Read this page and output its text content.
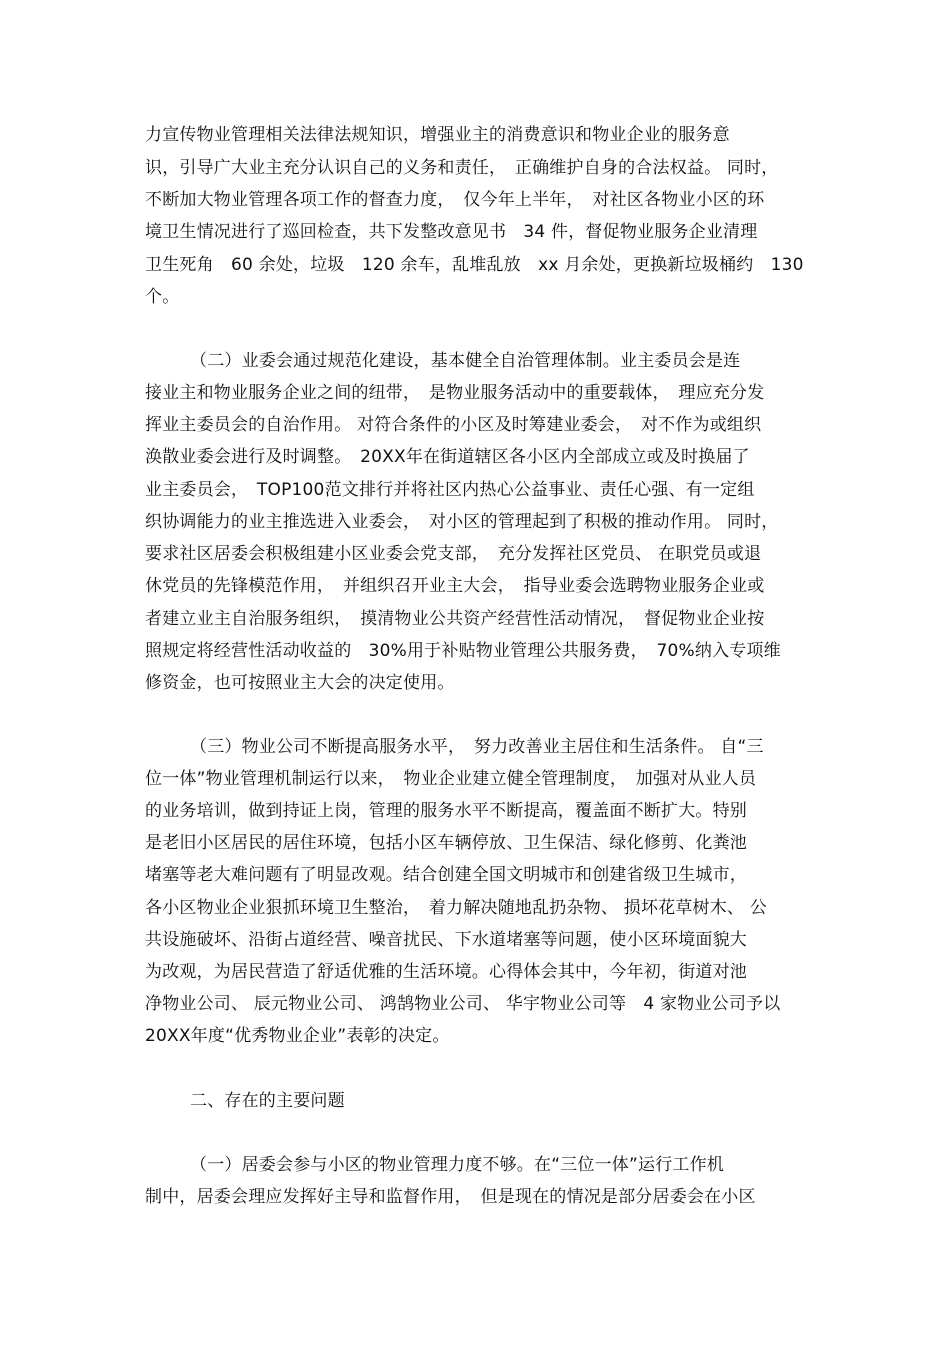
力宣传物业管理相关法律法规知识，增强业主的消费意识和物业企业的服务意
识，引导广大业主充分认识自己的义务和责任，　正确维护自身的合法权益。 同时，
不断加大物业管理各项工作的督查力度，　仅今年上半年，　对社区各物业小区的环
境卫生情况进行了巡回检查，共下发整改意见书　34 件，督促物业服务企业清理
卫生死角　60 余处，垃圾　120 余车，乱堆乱放　xx 月余处，更换新垃圾桶约　130
个。
（二）业委会通过规范化建设，基本健全自治管理体制。业主委员会是连
接业主和物业服务企业之间的纽带，　是物业服务活动中的重要载体，　理应充分发
挥业主委员会的自治作用。 对符合条件的小区及时筹建业委会，　对不作为或组织
涣散业委会进行及时调整。　20XX年在街道辖区各小区内全部成立或及时换届了
业主委员会，　TOP100范文排行并将社区内热心公益事业、责任心强、有一定组
织协调能力的业主推选进入业委会，　对小区的管理起到了积极的推动作用。 同时，
要求社区居委会积极组建小区业委会党支部，　充分发挥社区党员、 在职党员或退
休党员的先锋模范作用，　并组织召开业主大会，　指导业委会选聘物业服务企业或
者建立业主自治服务组织，　摸清物业公共资产经营性活动情况，　督促物业企业按
照规定将经营性活动收益的　30%用于补贴物业管理公共服务费，　70%纳入专项维
修资金，也可按照业主大会的决定使用。
（三）物业公司不断提高服务水平，　努力改善业主居住和生活条件。 自“三
位一体”物业管理机制运行以来，　物业企业建立健全管理制度，　加强对从业人员
的业务培训，做到持证上岗，管理的服务水平不断提高，覆盖面不断扩大。特别
是老旧小区居民的居住环境，包括小区车辆停放、卫生保洁、绿化修剪、化粪池
堵塞等老大难问题有了明显改观。结合创建全国文明城市和创建省级卫生城市，
各小区物业企业狠抓环境卫生整治，　着力解决随地乱扔杂物、 损坏花草树木、 公
共设施破坏、沿街占道经营、噪音扰民、下水道堵塞等问题，使小区环境面貌大
为改观，为居民营造了舒适优雅的生活环境。心得体会其中，今年初，街道对池
净物业公司、 辰元物业公司、 鸿鹄物业公司、 华宇物业公司等　4 家物业公司予以
20XX年度“优秀物业企业”表彰的决定。
二、存在的主要问题
（一）居委会参与小区的物业管理力度不够。在“三位一体”运行工作机
制中，居委会理应发挥好主导和监督作用，　但是现在的情况是部分居委会在小区
